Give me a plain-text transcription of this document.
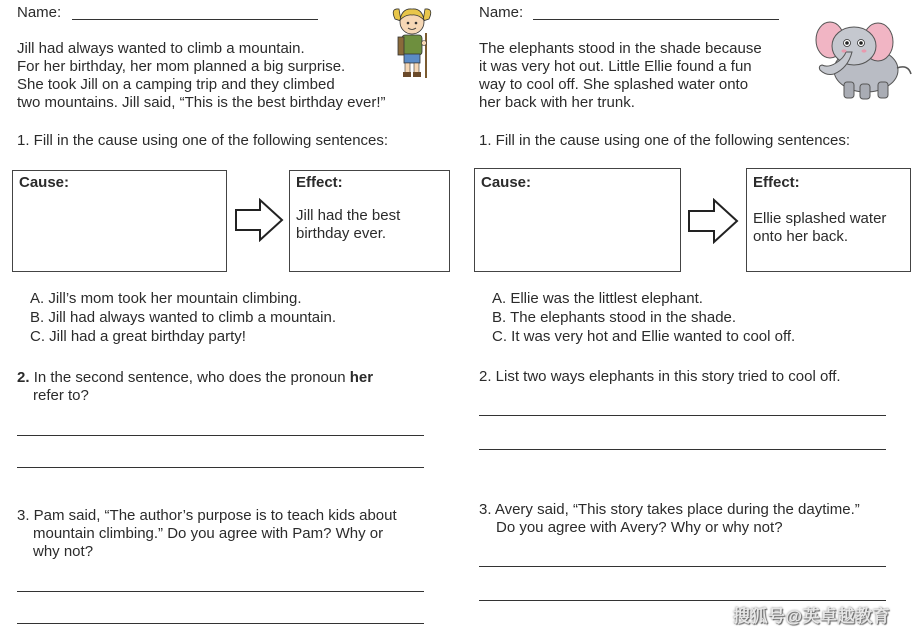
Name:
Jill had always wanted to climb a mountain.
For her birthday, her mom planned a big surprise.
She took Jill on a camping trip and they climbed
two mountains. Jill said, “This is the best birthday ever!”
1. Fill in the cause using one of the following sentences:
Cause:	Effect:
Jill had the best
birthday ever.
A. Jill’s mom took her mountain climbing.
B. Jill had always wanted to climb a mountain.
C. Jill had a great birthday party!
2. In the second sentence, who does the pronoun her
refer to?
3. Pam said, “The author’s purpose is to teach kids about
mountain climbing.” Do you agree with Pam? Why or
why not?
Name:
The elephants stood in the shade because
it was very hot out. Little Ellie found a fun
way to cool off. She splashed water onto
her back with her trunk.
1. Fill in the cause using one of the following sentences:
Cause:	Effect:
Ellie splashed water
onto her back.
A. Ellie was the littlest elephant.
B. The elephants stood in the shade.
C. It was very hot and Ellie wanted to cool off.
2. List two ways elephants in this story tried to cool off.
3. Avery said, “This story takes place during the daytime.”
Do you agree with Avery? Why or why not?
搜狐号@英卓越教育
